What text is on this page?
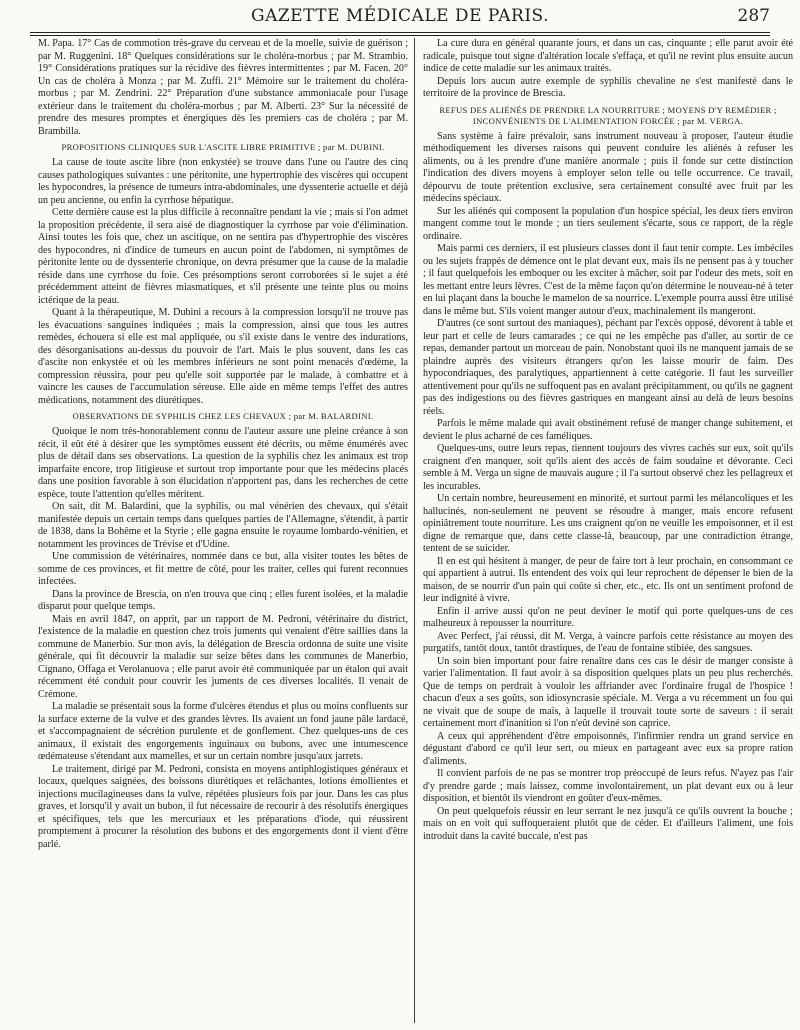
GAZETTE MÉDICALE DE PARIS.	287

M. Papa. 17° Cas de commotion très-grave du cerveau et de la moelle, suivie de guérison ; par M. Ruggenini. 18° Quelques considérations sur le choléra-morbus ; par M. Strambio. 19° Considérations pratiques sur la récidive des fièvres intermittentes ; par M. Facen. 20° Un cas de choléra à Monza ; par M. Zuffi. 21° Mémoire sur le traitement du choléra-morbus ; par M. Zendrini. 22° Préparation d'une substance ammoniacale pour l'usage extérieur dans le traitement du choléra-morbus ; par M. Alberti. 23° Sur la nécessité de prendre des mesures promptes et énergiques dès les premiers cas de choléra ; par M. Brambilla.

PROPOSITIONS CLINIQUES SUR L'ASCITE LIBRE PRIMITIVE ; par M. DUBINI.

La cause de toute ascite libre (non enkystée) se trouve dans l'une ou l'autre des cinq causes pathologiques suivantes : une péritonite, une hypertrophie des viscères qui occupent les hypocondres, la présence de tumeurs intra-abdominales, une dyssenterie actuelle et déjà un peu ancienne, ou enfin la cyrrhose hépatique.

Cette dernière cause est la plus difficile à reconnaître pendant la vie ; mais si l'on admet la proposition précédente, il sera aisé de diagnostiquer la cyrrhose par voie d'élimination. Ainsi toutes les fois que, chez un ascitique, on ne sentira pas d'hypertrophie des viscères des hypocondres, ni d'indice de tumeurs en aucun point de l'abdomen, ni symptômes de péritonite lente ou de dyssenterie chronique, on devra présumer que la cause de la maladie réside dans une cyrrhose du foie. Ces présomptions seront corroborées si le sujet a été précédemment atteint de fièvres miasmatiques, et s'il présente une teinte plus ou moins ictérique de la peau.

Quant à la thérapeutique, M. Dubini a recours à la compression lorsqu'il ne trouve pas les évacuations sanguines indiquées ; mais la compression, ainsi que tous les autres remèdes, échouera si elle est mal appliquée, ou s'il existe dans le ventre des indurations, des désorganisations au-dessus du pouvoir de l'art. Mais le plus souvent, dans les cas d'ascite non enkystée et où les membres inférieurs ne sont point menacés d'œdème, la compression réussira, pour peu qu'elle soit supportée par le malade, à combattre et à vaincre les causes de l'accumulation séreuse. Elle aide en même temps l'effet des autres médications, notamment des diurétiques.

OBSERVATIONS DE SYPHILIS CHEZ LES CHEVAUX ; par M. BALARDINI.

Quoique le nom très-honorablement connu de l'auteur assure une pleine créance à son récit, il eût été à désirer que les symptômes eussent été décrits, ou même énumérés avec plus de détail dans ses observations. La question de la syphilis chez les animaux est trop imparfaite encore, trop litigieuse et surtout trop importante pour que les médecins placés dans une position favorable à son élucidation n'apportent pas, dans les recherches de cette espèce, toute l'attention qu'elles méritent.

On sait, dit M. Balardini, que la syphilis, ou mal vénérien des chevaux, qui s'était manifestée depuis un certain temps dans quelques parties de l'Allemagne, s'étendit, à partir de 1838, dans la Bohême et la Styrie ; elle gagna ensuite le royaume lombardo-vénitien, et notamment les provinces de Trévise et d'Udine.

Une commission de vétérinaires, nommée dans ce but, alla visiter toutes les bêtes de somme de ces provinces, et fit mettre de côté, pour les traiter, celles qui furent reconnues infectées.

Dans la province de Brescia, on n'en trouva que cinq ; elles furent isolées, et la maladie disparut pour quelque temps.

Mais en avril 1847, on apprit, par un rapport de M. Pedroni, vétérinaire du district, l'existence de la maladie en question chez trois juments qui venaient d'être saillies dans la commune de Manerbio. Sur mon avis, la délégation de Brescia ordonna de suite une visite générale, qui fit découvrir la maladie sur seize bêtes dans les communes de Manerbio, Cignano, Offaga et Verolanuova ; elle parut avoir été communiquée par un étalon qui avait récemment été conduit pour couvrir les juments de ces diverses localités. Il venait de Crémone.

La maladie se présentait sous la forme d'ulcères étendus et plus ou moins confluents sur la surface externe de la vulve et des grandes lèvres. Ils avaient un fond jaune pâle lardacé, et s'accompagnaient de sécrétion purulente et de gonflement. Chez quelques-uns de ces animaux, il existait des engorgements inguinaux ou bubons, avec une intumescence œdémateuse s'étendant aux mamelles, et sur un certain nombre jusqu'aux jarrets.

Le traitement, dirigé par M. Pedroni, consista en moyens antiphlogistiques généraux et locaux, quelques saignées, des boissons diurétiques et relâchantes, lotions émollientes et injections mucilagineuses dans la vulve, répétées plusieurs fois par jour. Dans les cas plus graves, et lorsqu'il y avait un bubon, il fut nécessaire de recourir à des résolutifs énergiques et spécifiques, tels que les mercuriaux et les préparations d'iode, qui réussirent promptement à procurer la résolution des bubons et des engorgements dont il vient d'être parlé.

La cure dura en général quarante jours, et dans un cas, cinquante ; elle parut avoir été radicale, puisque tout signe d'altération locale s'effaça, et qu'il ne revint plus ensuite aucun indice de cette maladie sur les animaux traités.

Depuis lors aucun autre exemple de syphilis chevaline ne s'est manifesté dans le territoire de la province de Brescia.

REFUS DES ALIÉNÉS DE PRENDRE LA NOURRITURE ; MOYENS D'Y REMÉDIER ; INCONVÉNIENTS DE L'ALIMENTATION FORCÉE ; par M. VERGA.

Sans système à faire prévaloir, sans instrument nouveau à proposer, l'auteur étudie méthodiquement les diverses raisons qui peuvent conduire les aliénés à refuser les aliments, ou à les prendre d'une manière anormale ; puis il fonde sur cette distinction l'indication des divers moyens à employer selon telle ou telle occurrence. Ce travail, dépourvu de toute prétention exclusive, sera certainement consulté avec fruit par les médecins spéciaux.

Sur les aliénés qui composent la population d'un hospice spécial, les deux tiers environ mangent comme tout le monde ; un tiers seulement s'écarte, sous ce rapport, de la règle ordinaire.

Mais parmi ces derniers, il est plusieurs classes dont il faut tenir compte. Les imbéciles ou les sujets frappés de démence ont le plat devant eux, mais ils ne pensent pas à y toucher ; il faut quelquefois les emboquer ou les exciter à mâcher, soit par l'odeur des mets, soit en les mettant entre leurs lèvres. C'est de la même façon qu'on détermine le nouveau-né à teter en lui plaçant dans la bouche le mamelon de sa nourrice. L'exemple pourra aussi être utilisé dans le même but. S'ils voient manger autour d'eux, machinalement ils mangeront.

D'autres (ce sont surtout des maniaques), péchant par l'excès opposé, dévorent à table et leur part et celle de leurs camarades ; ce qui ne les empêche pas d'aller, au sortir de ce repas, demander partout un morceau de pain. Nonobstant quoi ils ne manquent jamais de se plaindre auprès des visiteurs étrangers qu'on les laisse mourir de faim. Des hypocondriaques, des paralytiques, appartiennent à cette catégorie. Il faut les surveiller attentivement pour qu'ils ne suffoquent pas en avalant précipitamment, ou qu'ils ne gagnent pas des indigestions ou des fièvres gastriques en mangeant ainsi au delà de leurs besoins réels.

Parfois le même malade qui avait obstinément refusé de manger change subitement, et devient le plus acharné de ces faméliques.

Quelques-uns, outre leurs repas, tiennent toujours des vivres cachés sur eux, soit qu'ils craignent d'en manquer, soit qu'ils aient des accès de faim soudaine et dévorante. Ceci semble à M. Verga un signe de mauvais augure ; il l'a surtout observé chez les pellagreux et les incurables.

Un certain nombre, heureusement en minorité, et surtout parmi les mélancoliques et les hallucinés, non-seulement ne peuvent se résoudre à manger, mais encore refusent opiniâtrement toute nourriture. Les uns craignent qu'on ne veuille les empoisonner, et il est digne de remarque que, dans cette classe-là, beaucoup, par une contradiction étrange, tentent de se suicider.

Il en est qui hésitent à manger, de peur de faire tort à leur prochain, en consommant ce qui appartient à autrui. Ils entendent des voix qui leur reprochent de dépenser le bien de la maison, de se nourrir d'un pain qui coûte si cher, etc., etc. Ils ont un sentiment profond de leur indignité à vivre.

Enfin il arrive aussi qu'on ne peut deviner le motif qui porte quelques-uns de ces malheureux à repousser la nourriture.

Avec Perfect, j'ai réussi, dit M. Verga, à vaincre parfois cette résistance au moyen des purgatifs, tantôt doux, tantôt drastiques, de l'eau de fontaine stibiée, des sangsues.

Un soin bien important pour faire renaître dans ces cas le désir de manger consiste à varier l'alimentation. Il faut avoir à sa disposition quelques plats un peu plus recherchés. Que de temps on perdrait à vouloir les affriander avec l'ordinaire frugal de l'hospice ! chacun d'eux a ses goûts, son idiosyncrasie spéciale. M. Verga a vu récemment un fou qui ne vivait que de soupe de maïs, à laquelle il trouvait toute sorte de saveurs : il serait certainement mort d'inanition si l'on n'eût deviné son caprice.

A ceux qui appréhendent d'être empoisonnés, l'infirmier rendra un grand service en dégustant d'abord ce qu'il leur sert, ou mieux en partageant avec eux sa propre ration d'aliments.

Il convient parfois de ne pas se montrer trop préoccupé de leurs refus. N'ayez pas l'air d'y prendre garde ; mais laissez, comme involontairement, un plat devant eux ou à leur disposition, et bientôt ils viendront en goûter d'eux-mêmes.

On peut quelquefois réussir en leur serrant le nez jusqu'à ce qu'ils ouvrent la bouche ; mais on en voit qui suffoqueraient plutôt que de céder. Et d'ailleurs l'aliment, une fois introduit dans la cavité buccale, n'est pas
